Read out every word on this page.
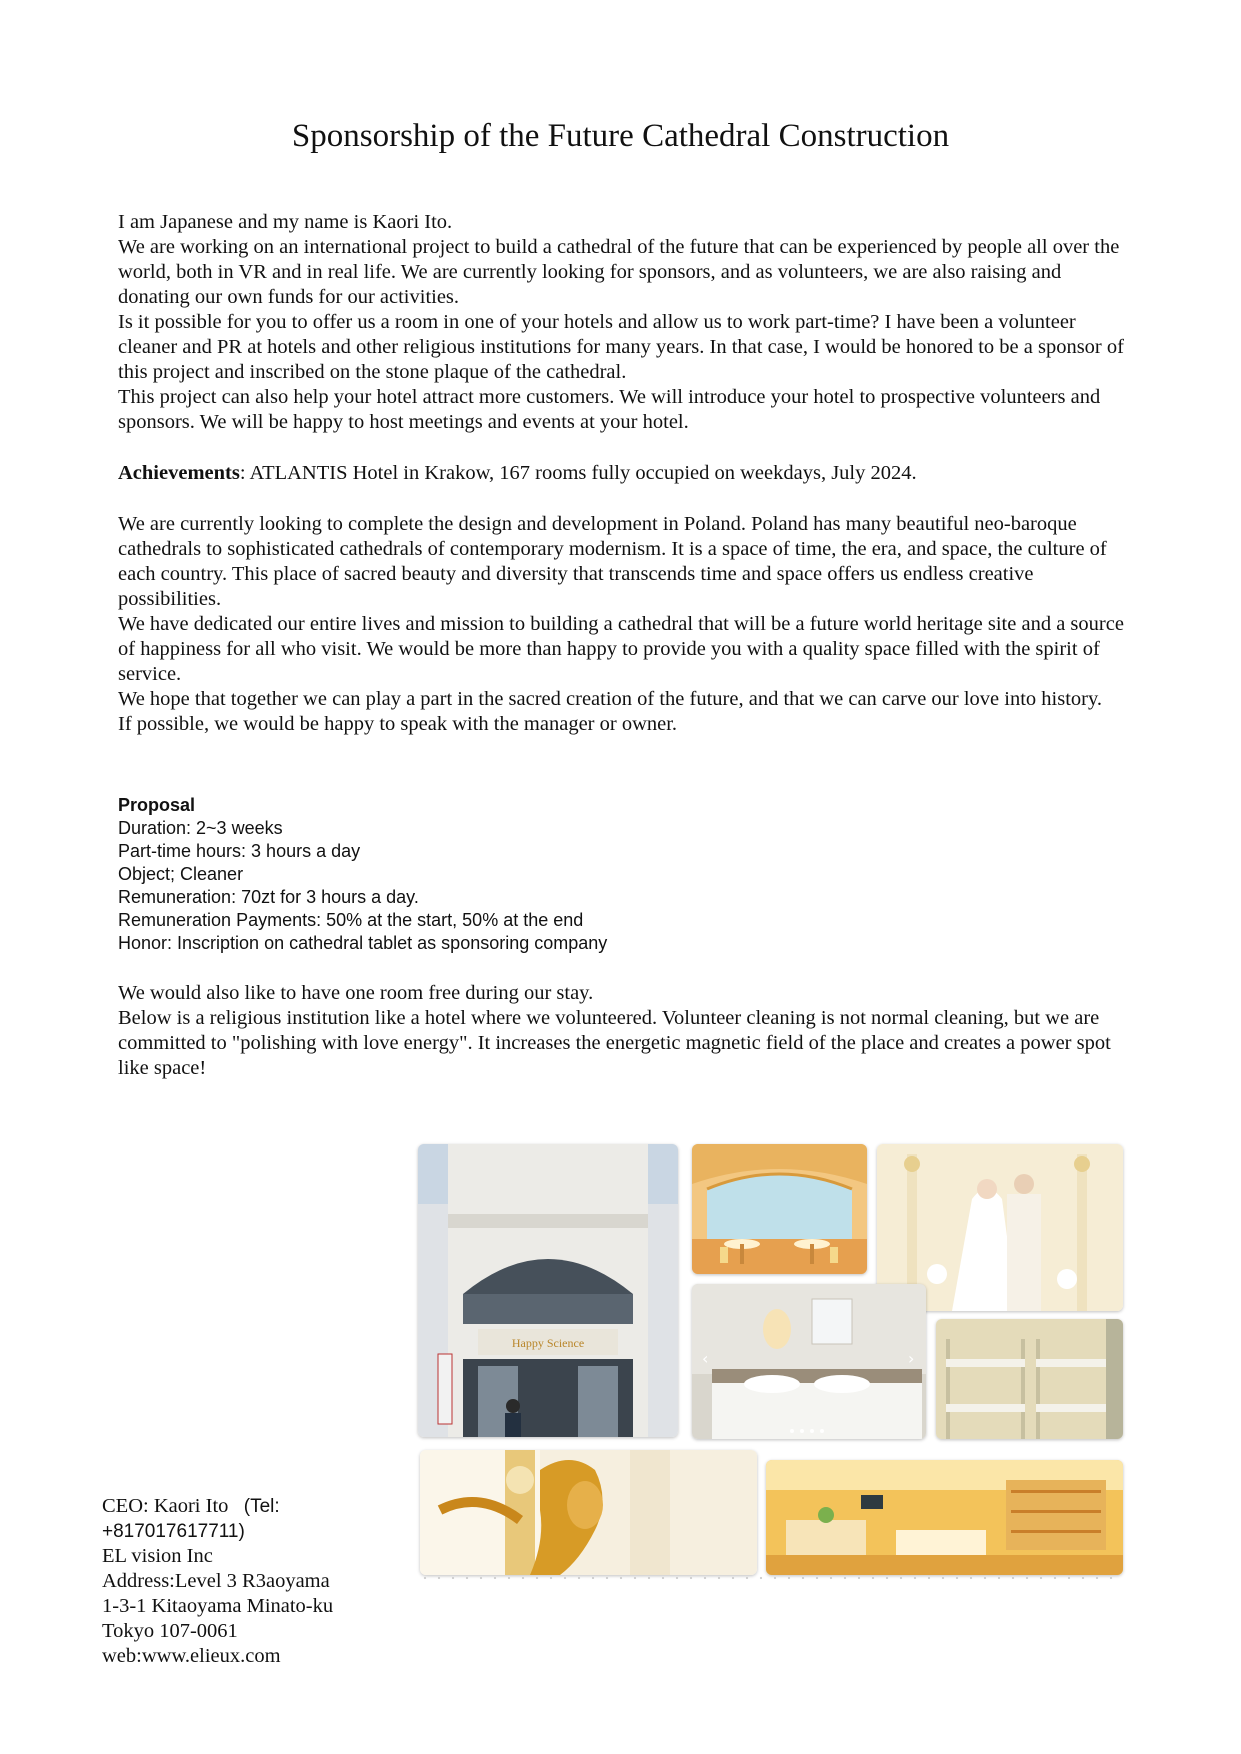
Sponsorship of the Future Cathedral Construction

I am Japanese and my name is Kaori Ito.

We are working on an international project to build a cathedral of the future that can be experienced by people all over the world, both in VR and in real life. We are currently looking for sponsors, and as volunteers, we are also raising and donating our own funds for our activities.

Is it possible for you to offer us a room in one of your hotels and allow us to work part-time? I have been a volunteer cleaner and PR at hotels and other religious institutions for many years. In that case, I would be honored to be a sponsor of this project and inscribed on the stone plaque of the cathedral.

This project can also help your hotel attract more customers. We will introduce your hotel to prospective volunteers and sponsors. We will be happy to host meetings and events at your hotel.

Achievements: ATLANTIS Hotel in Krakow, 167 rooms fully occupied on weekdays, July 2024.

We are currently looking to complete the design and development in Poland. Poland has many beautiful neo-baroque cathedrals to sophisticated cathedrals of contemporary modernism. It is a space of time, the era, and space, the culture of each country. This place of sacred beauty and diversity that transcends time and space offers us endless creative possibilities.

We have dedicated our entire lives and mission to building a cathedral that will be a future world heritage site and a source of happiness for all who visit. We would be more than happy to provide you with a quality space filled with the spirit of service.

We hope that together we can play a part in the sacred creation of the future, and that we can carve our love into history.

If possible, we would be happy to speak with the manager or owner.

Proposal

Duration: 2~3 weeks

Part-time hours: 3 hours a day

Object; Cleaner

Remuneration: 70zt for 3 hours a day.

Remuneration Payments: 50% at the start, 50% at the end

Honor: Inscription on cathedral tablet as sponsoring company

We would also like to have one room free during our stay.

Below is a religious institution like a hotel where we volunteered. Volunteer cleaning is not normal cleaning, but we are committed to "polishing with love energy". It increases the energetic magnetic field of the place and creates a power spot like space!

Happy Science
‹	›

CEO: Kaori Ito (Tel:

+817017617711)

EL vision Inc

Address:Level 3 R3aoyama

1-3-1 Kitaoyama Minato-ku

Tokyo 107-0061

web:www.elieux.com
